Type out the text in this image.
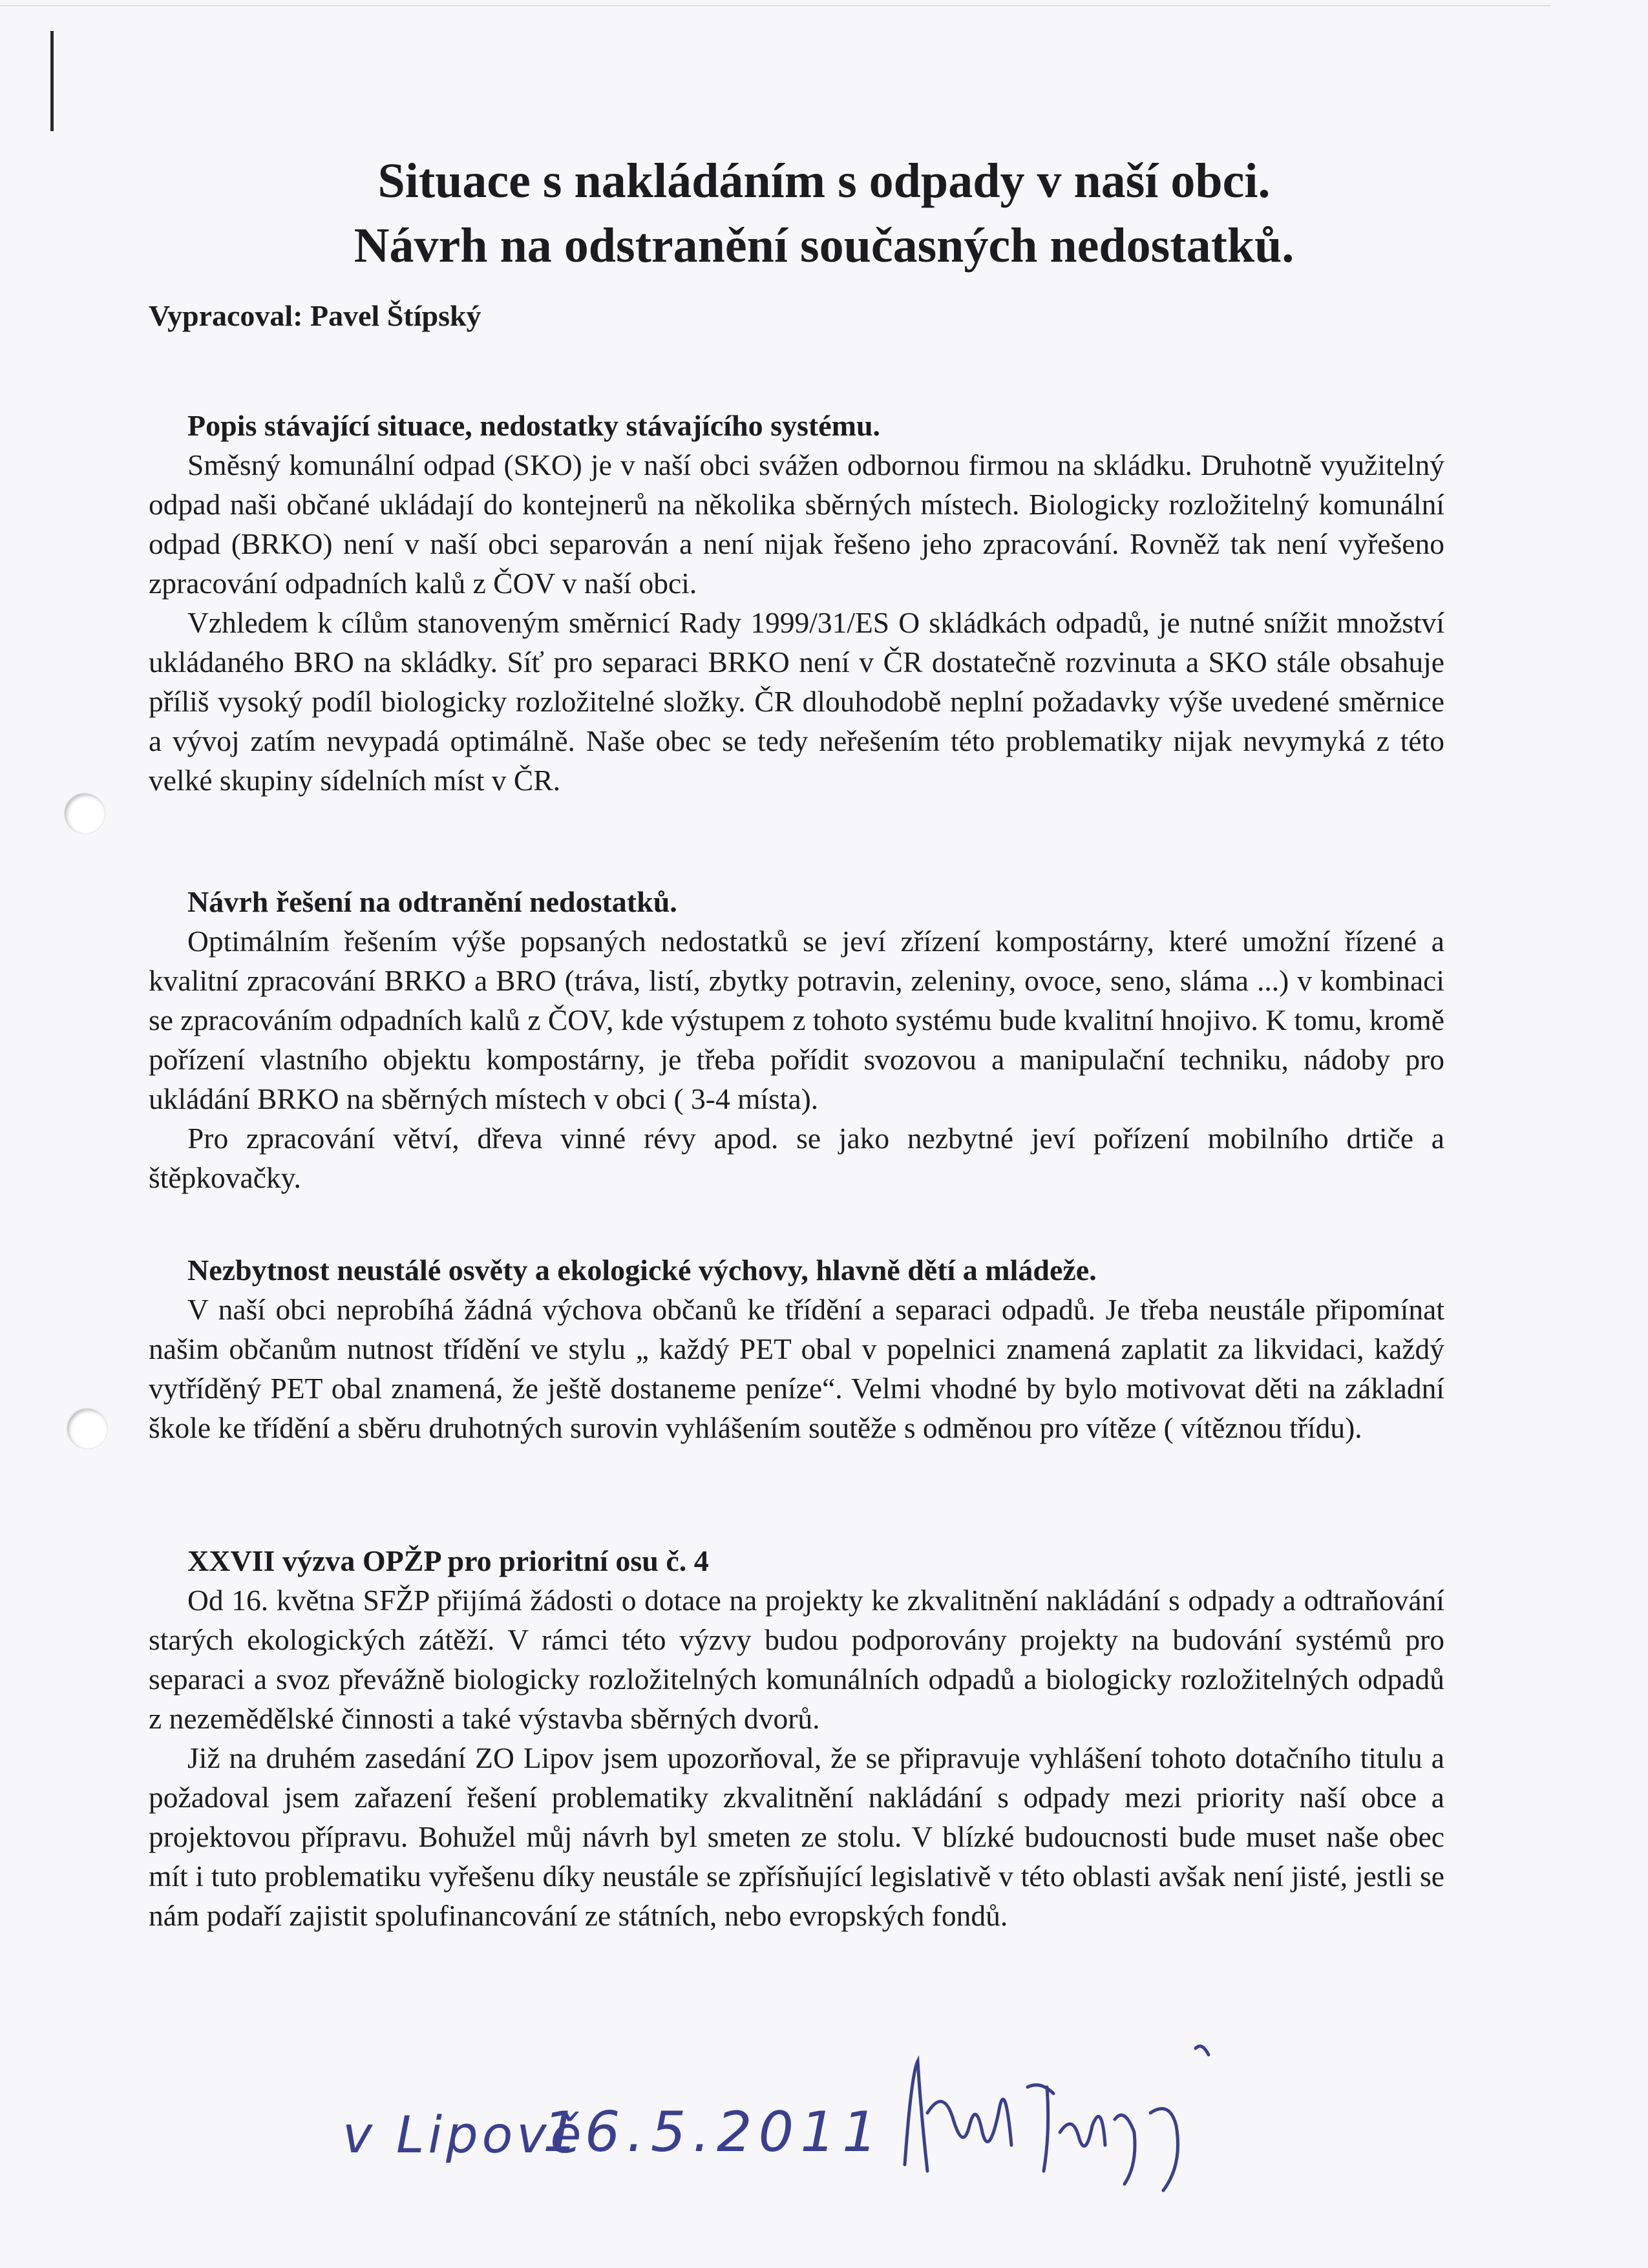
Situace s nakládáním s odpady v naší obci.
Návrh na odstranění současných nedostatků.
Vypracoval: Pavel Štípský
Popis stávající situace, nedostatky stávajícího systému.

Směsný komunální odpad (SKO) je v naší obci svážen odbornou firmou na skládku. Druhotně využitelný odpad naši občané ukládají do kontejnerů na několika sběrných místech. Biologicky rozložitelný komunální odpad (BRKO) není v naší obci separován a není nijak řešeno jeho zpracování. Rovněž tak není vyřešeno zpracování odpadních kalů z ČOV v naší obci.

Vzhledem k cílům stanoveným směrnicí Rady 1999/31/ES O skládkách odpadů, je nutné snížit množství ukládaného BRO na skládky. Síť pro separaci BRKO není v ČR dostatečně rozvinuta a SKO stále obsahuje příliš vysoký podíl biologicky rozložitelné složky. ČR dlouhodobě neplní požadavky výše uvedené směrnice a vývoj zatím nevypadá optimálně. Naše obec se tedy neřešením této problematiky nijak nevymyká z této velké skupiny sídelních míst v ČR.

Návrh řešení na odtranění nedostatků.

Optimálním řešením výše popsaných nedostatků se jeví zřízení kompostárny, které umožní řízené a kvalitní zpracování BRKO a BRO (tráva, listí, zbytky potravin, zeleniny, ovoce, seno, sláma ...) v kombinaci se zpracováním odpadních kalů z ČOV, kde výstupem z tohoto systému bude kvalitní hnojivo. K tomu, kromě pořízení vlastního objektu kompostárny, je třeba pořídit svozovou a manipulační techniku, nádoby pro ukládání BRKO na sběrných místech v obci ( 3-4 místa).

Pro zpracování větví, dřeva vinné révy apod. se jako nezbytné jeví pořízení mobilního drtiče a štěpkovačky.

Nezbytnost neustálé osvěty a ekologické výchovy, hlavně dětí a mládeže.

V naší obci neprobíhá žádná výchova občanů ke třídění a separaci odpadů. Je třeba neustále připomínat našim občanům nutnost třídění ve stylu „ každý PET obal v popelnici znamená zaplatit za likvidaci, každý vytříděný PET obal znamená, že ještě dostaneme peníze“. Velmi vhodné by bylo motivovat děti na základní škole ke třídění a sběru druhotných surovin vyhlášením soutěže s odměnou pro vítěze ( vítěznou třídu).

XXVII výzva OPŽP pro prioritní osu č. 4

Od 16. května SFŽP přijímá žádosti o dotace na projekty ke zkvalitnění nakládání s odpady a odtraňování starých ekologických zátěží. V rámci této výzvy budou podporovány projekty na budování systémů pro separaci a svoz převážně biologicky rozložitelných komunálních odpadů a biologicky rozložitelných odpadů z nezemědělské činnosti a také výstavba sběrných dvorů.

Již na druhém zasedání ZO Lipov jsem upozorňoval, že se připravuje vyhlášení tohoto dotačního titulu a požadoval jsem zařazení řešení problematiky zkvalitnění nakládání s odpady mezi priority naší obce a projektovou přípravu. Bohužel můj návrh byl smeten ze stolu. V blízké budoucnosti bude muset naše obec mít i tuto problematiku vyřešenu díky neustále se zpřísňující legislativě v této oblasti avšak není jisté, jestli se nám podaří zajistit spolufinancování ze státních, nebo evropských fondů.

v Lipově
16.5.2011
